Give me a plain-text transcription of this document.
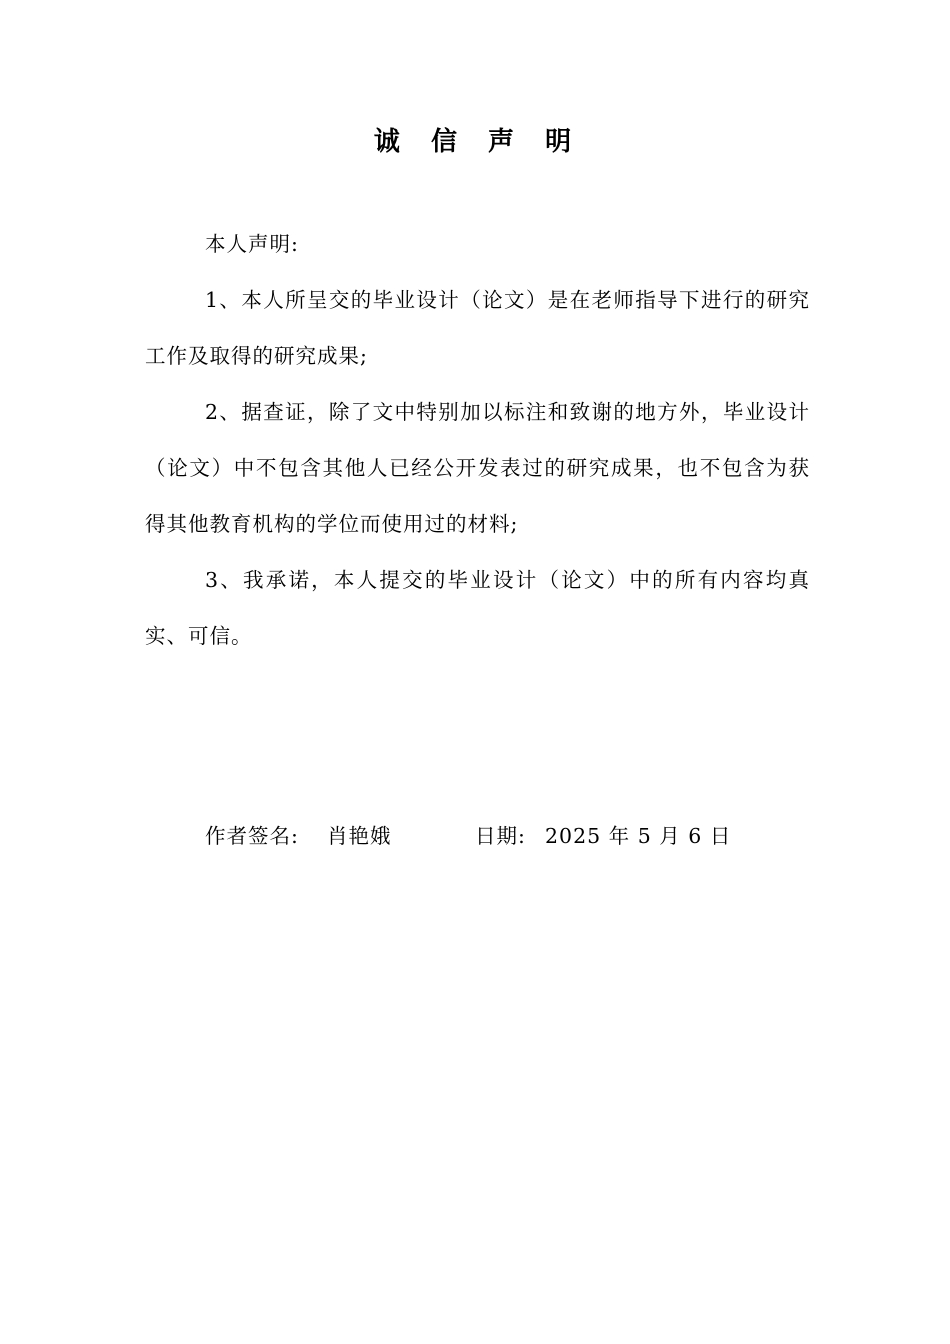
诚 信 声 明

本人声明:

1、本人所呈交的毕业设计（论文）是在老师指导下进行的研究工作及取得的研究成果;

2、据查证，除了文中特别加以标注和致谢的地方外，毕业设计（论文）中不包含其他人已经公开发表过的研究成果，也不包含为获得其他教育机构的学位而使用过的材料;

3、我承诺，本人提交的毕业设计（论文）中的所有内容均真实、可信。

作者签名: 肖艳娥	日期: 2025 年 5 月 6 日
